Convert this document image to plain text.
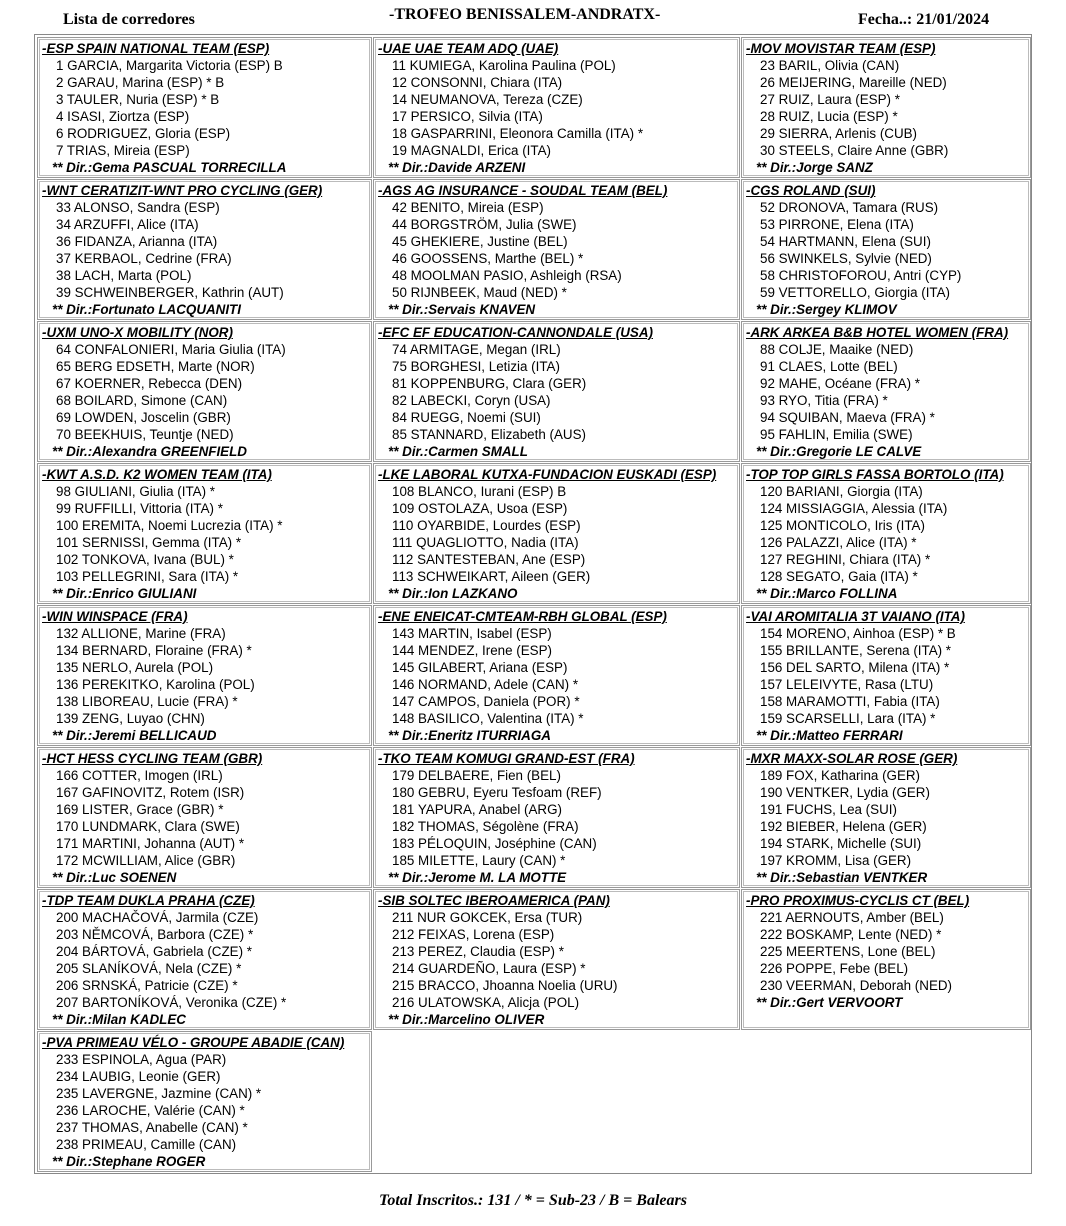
Lista de corredores	-TROFEO BENISSALEM-ANDRATX-	Fecha..: 21/01/2024
-ESP SPAIN NATIONAL TEAM (ESP)
1 GARCIA, Margarita Victoria (ESP) B
2 GARAU, Marina (ESP) * B
3 TAULER, Nuria (ESP) * B
4 ISASI, Ziortza (ESP)
6 RODRIGUEZ, Gloria (ESP)
7 TRIAS, Mireia (ESP)
** Dir.:Gema PASCUAL TORRECILLA
-UAE UAE TEAM ADQ (UAE)
11 KUMIEGA, Karolina Paulina (POL)
12 CONSONNI, Chiara (ITA)
14 NEUMANOVA, Tereza (CZE)
17 PERSICO, Silvia (ITA)
18 GASPARRINI, Eleonora Camilla (ITA) *
19 MAGNALDI, Erica (ITA)
** Dir.:Davide ARZENI
-MOV MOVISTAR TEAM (ESP)
23 BARIL, Olivia (CAN)
26 MEIJERING, Mareille (NED)
27 RUIZ, Laura (ESP) *
28 RUIZ, Lucia (ESP) *
29 SIERRA, Arlenis (CUB)
30 STEELS, Claire Anne (GBR)
** Dir.:Jorge SANZ
-WNT CERATIZIT-WNT PRO CYCLING (GER)
33 ALONSO, Sandra (ESP)
34 ARZUFFI, Alice (ITA)
36 FIDANZA, Arianna (ITA)
37 KERBAOL, Cedrine (FRA)
38 LACH, Marta (POL)
39 SCHWEINBERGER, Kathrin (AUT)
** Dir.:Fortunato LACQUANITI
-AGS AG INSURANCE - SOUDAL TEAM (BEL)
42 BENITO, Mireia (ESP)
44 BORGSTRÖM, Julia (SWE)
45 GHEKIERE, Justine (BEL)
46 GOOSSENS, Marthe (BEL) *
48 MOOLMAN PASIO, Ashleigh (RSA)
50 RIJNBEEK, Maud (NED) *
** Dir.:Servais KNAVEN
-CGS ROLAND (SUI)
52 DRONOVA, Tamara (RUS)
53 PIRRONE, Elena (ITA)
54 HARTMANN, Elena (SUI)
56 SWINKELS, Sylvie (NED)
58 CHRISTOFOROU, Antri (CYP)
59 VETTORELLO, Giorgia (ITA)
** Dir.:Sergey KLIMOV
-UXM UNO-X MOBILITY (NOR)
64 CONFALONIERI, Maria Giulia (ITA)
65 BERG EDSETH, Marte (NOR)
67 KOERNER, Rebecca (DEN)
68 BOILARD, Simone (CAN)
69 LOWDEN, Joscelin (GBR)
70 BEEKHUIS, Teuntje (NED)
** Dir.:Alexandra GREENFIELD
-EFC EF EDUCATION-CANNONDALE (USA)
74 ARMITAGE, Megan (IRL)
75 BORGHESI, Letizia (ITA)
81 KOPPENBURG, Clara (GER)
82 LABECKI, Coryn (USA)
84 RUEGG, Noemi (SUI)
85 STANNARD, Elizabeth (AUS)
** Dir.:Carmen SMALL
-ARK ARKEA B&B HOTEL WOMEN (FRA)
88 COLJE, Maaike (NED)
91 CLAES, Lotte (BEL)
92 MAHE, Océane (FRA) *
93 RYO, Titia (FRA) *
94 SQUIBAN, Maeva (FRA) *
95 FAHLIN, Emilia (SWE)
** Dir.:Gregorie LE CALVE
-KWT A.S.D. K2 WOMEN TEAM (ITA)
98 GIULIANI, Giulia (ITA) *
99 RUFFILLI, Vittoria (ITA) *
100 EREMITA, Noemi Lucrezia (ITA) *
101 SERNISSI, Gemma (ITA) *
102 TONKOVA, Ivana (BUL) *
103 PELLEGRINI, Sara (ITA) *
** Dir.:Enrico GIULIANI
-LKE LABORAL KUTXA-FUNDACION EUSKADI (ESP)
108 BLANCO, Iurani (ESP) B
109 OSTOLAZA, Usoa (ESP)
110 OYARBIDE, Lourdes (ESP)
111 QUAGLIOTTO, Nadia (ITA)
112 SANTESTEBAN, Ane (ESP)
113 SCHWEIKART, Aileen (GER)
** Dir.:Ion LAZKANO
-TOP TOP GIRLS FASSA BORTOLO (ITA)
120 BARIANI, Giorgia (ITA)
124 MISSIAGGIA, Alessia (ITA)
125 MONTICOLO, Iris (ITA)
126 PALAZZI, Alice (ITA) *
127 REGHINI, Chiara (ITA) *
128 SEGATO, Gaia (ITA) *
** Dir.:Marco FOLLINA
-WIN WINSPACE (FRA)
132 ALLIONE, Marine (FRA)
134 BERNARD, Floraine (FRA) *
135 NERLO, Aurela (POL)
136 PEREKITKO, Karolina (POL)
138 LIBOREAU, Lucie (FRA) *
139 ZENG, Luyao (CHN)
** Dir.:Jeremi BELLICAUD
-ENE ENEICAT-CMTEAM-RBH GLOBAL (ESP)
143 MARTIN, Isabel (ESP)
144 MENDEZ, Irene (ESP)
145 GILABERT, Ariana (ESP)
146 NORMAND, Adele (CAN) *
147 CAMPOS, Daniela (POR) *
148 BASILICO, Valentina (ITA) *
** Dir.:Eneritz ITURRIAGA
-VAI AROMITALIA 3T VAIANO (ITA)
154 MORENO, Ainhoa (ESP) * B
155 BRILLANTE, Serena (ITA) *
156 DEL SARTO, Milena (ITA) *
157 LELEIVYTE, Rasa (LTU)
158 MARAMOTTI, Fabia (ITA)
159 SCARSELLI, Lara (ITA) *
** Dir.:Matteo FERRARI
-HCT HESS CYCLING TEAM (GBR)
166 COTTER, Imogen (IRL)
167 GAFINOVITZ, Rotem (ISR)
169 LISTER, Grace (GBR) *
170 LUNDMARK, Clara (SWE)
171 MARTINI, Johanna (AUT) *
172 MCWILLIAM, Alice (GBR)
** Dir.:Luc SOENEN
-TKO TEAM KOMUGI GRAND-EST (FRA)
179 DELBAERE, Fien (BEL)
180 GEBRU, Eyeru Tesfoam (REF)
181 YAPURA, Anabel (ARG)
182 THOMAS, Ségolène (FRA)
183 PÉLOQUIN, Joséphine (CAN)
185 MILETTE, Laury (CAN) *
** Dir.:Jerome M. LA MOTTE
-MXR MAXX-SOLAR ROSE (GER)
189 FOX, Katharina (GER)
190 VENTKER, Lydia (GER)
191 FUCHS, Lea (SUI)
192 BIEBER, Helena (GER)
194 STARK, Michelle (SUI)
197 KROMM, Lisa (GER)
** Dir.:Sebastian VENTKER
-TDP TEAM DUKLA PRAHA (CZE)
200 MACHAČOVÁ, Jarmila (CZE)
203 NĚMCOVÁ, Barbora (CZE) *
204 BÁRTOVÁ, Gabriela (CZE) *
205 SLANÍKOVÁ, Nela (CZE) *
206 SRNSKÁ, Patricie (CZE) *
207 BARTONÍKOVÁ, Veronika (CZE) *
** Dir.:Milan KADLEC
-SIB SOLTEC IBEROAMERICA (PAN)
211 NUR GOKCEK, Ersa (TUR)
212 FEIXAS, Lorena (ESP)
213 PEREZ, Claudia (ESP) *
214 GUARDEÑO, Laura (ESP) *
215 BRACCO, Jhoanna Noelia (URU)
216 ULATOWSKA, Alicja (POL)
** Dir.:Marcelino OLIVER
-PRO PROXIMUS-CYCLIS CT (BEL)
221 AERNOUTS, Amber (BEL)
222 BOSKAMP, Lente (NED) *
225 MEERTENS, Lone (BEL)
226 POPPE, Febe (BEL)
230 VEERMAN, Deborah (NED)
** Dir.:Gert VERVOORT
-PVA PRIMEAU VÉLO - GROUPE ABADIE (CAN)
233 ESPINOLA, Agua (PAR)
234 LAUBIG, Leonie (GER)
235 LAVERGNE, Jazmine (CAN) *
236 LAROCHE, Valérie (CAN) *
237 THOMAS, Anabelle (CAN) *
238 PRIMEAU, Camille (CAN)
** Dir.:Stephane ROGER
Total Inscritos.: 131 / * = Sub-23 / B = Balears
